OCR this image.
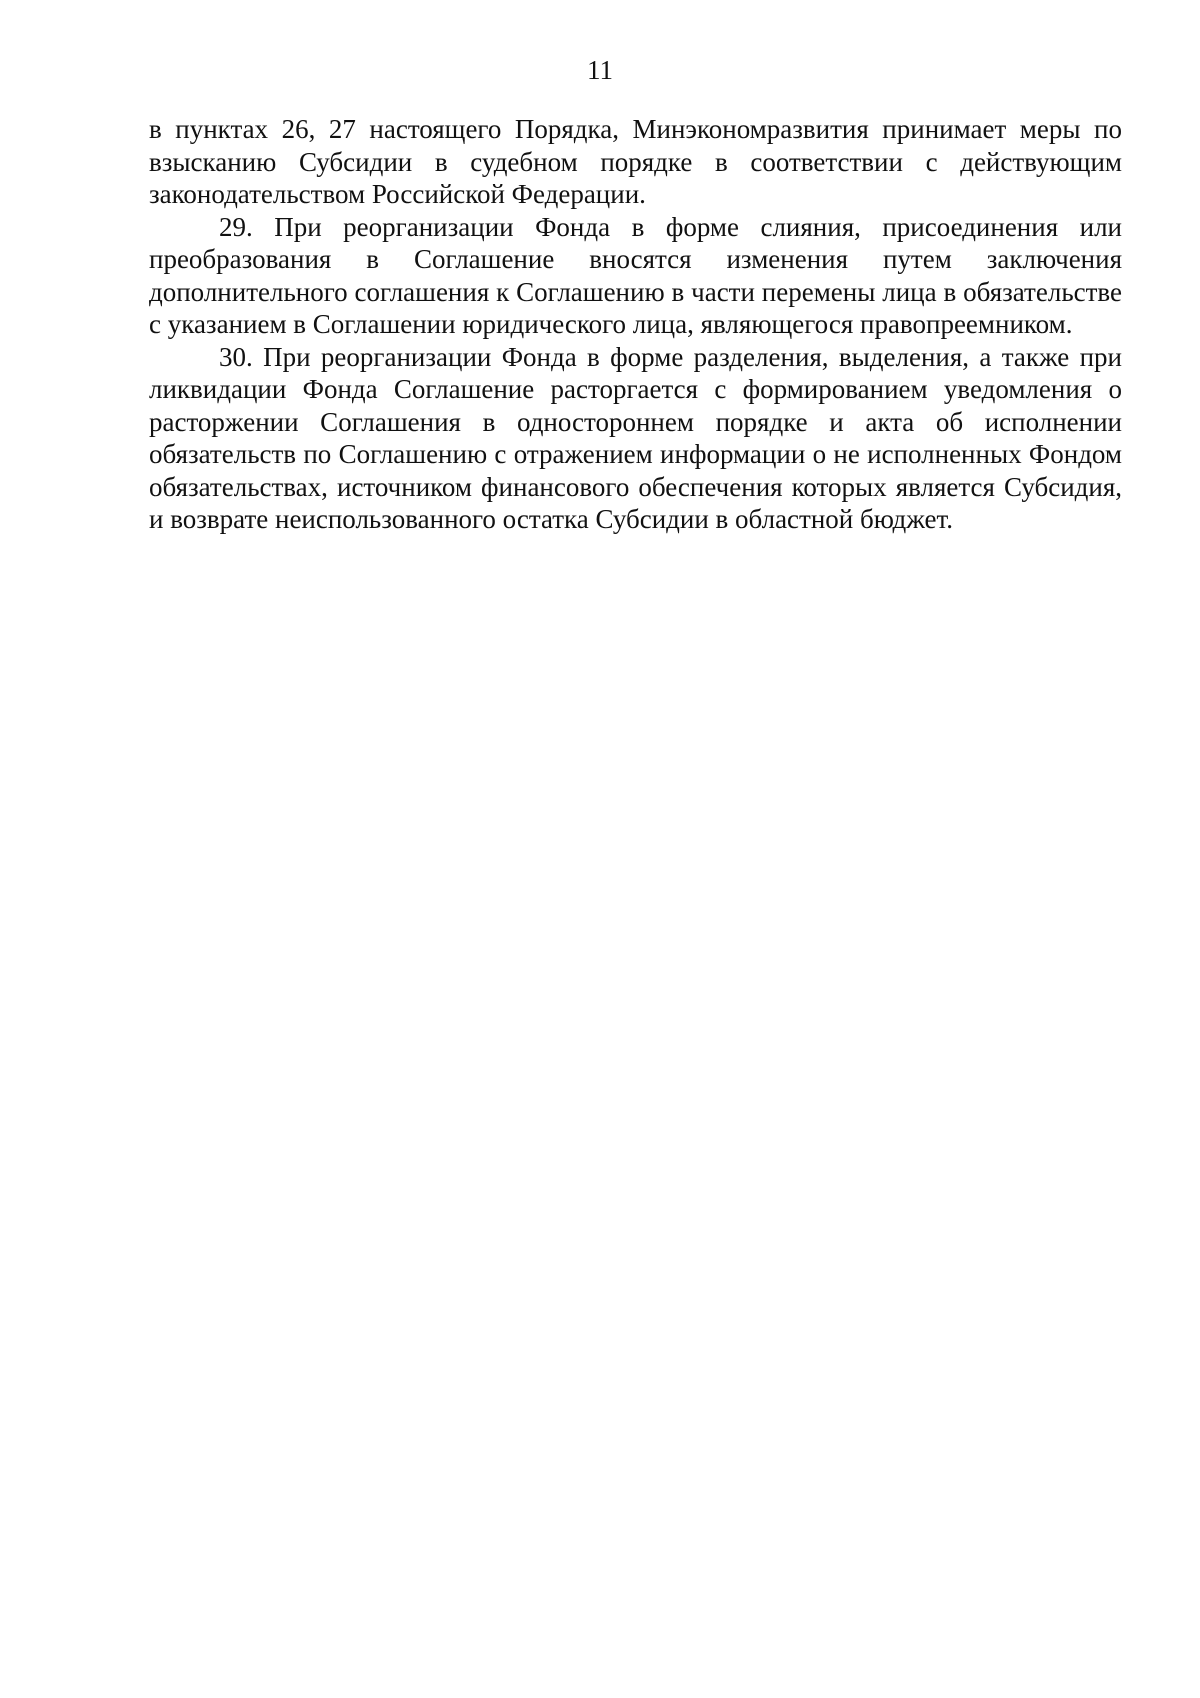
11

в пунктах 26, 27 настоящего Порядка, Минэкономразвития принимает меры по взысканию Субсидии в судебном порядке в соответствии с действующим законодательством Российской Федерации.

29. При реорганизации Фонда в форме слияния, присоединения или преобразования в Соглашение вносятся изменения путем заключения дополнительного соглашения к Соглашению в части перемены лица в обязательстве с указанием в Соглашении юридического лица, являющегося правопреемником.

30. При реорганизации Фонда в форме разделения, выделения, а также при ликвидации Фонда Соглашение расторгается с формированием уведомления о расторжении Соглашения в одностороннем порядке и акта об исполнении обязательств по Соглашению с отражением информации о не исполненных Фондом обязательствах, источником финансового обеспечения которых является Субсидия, и возврате неиспользованного остатка Субсидии в областной бюджет.
